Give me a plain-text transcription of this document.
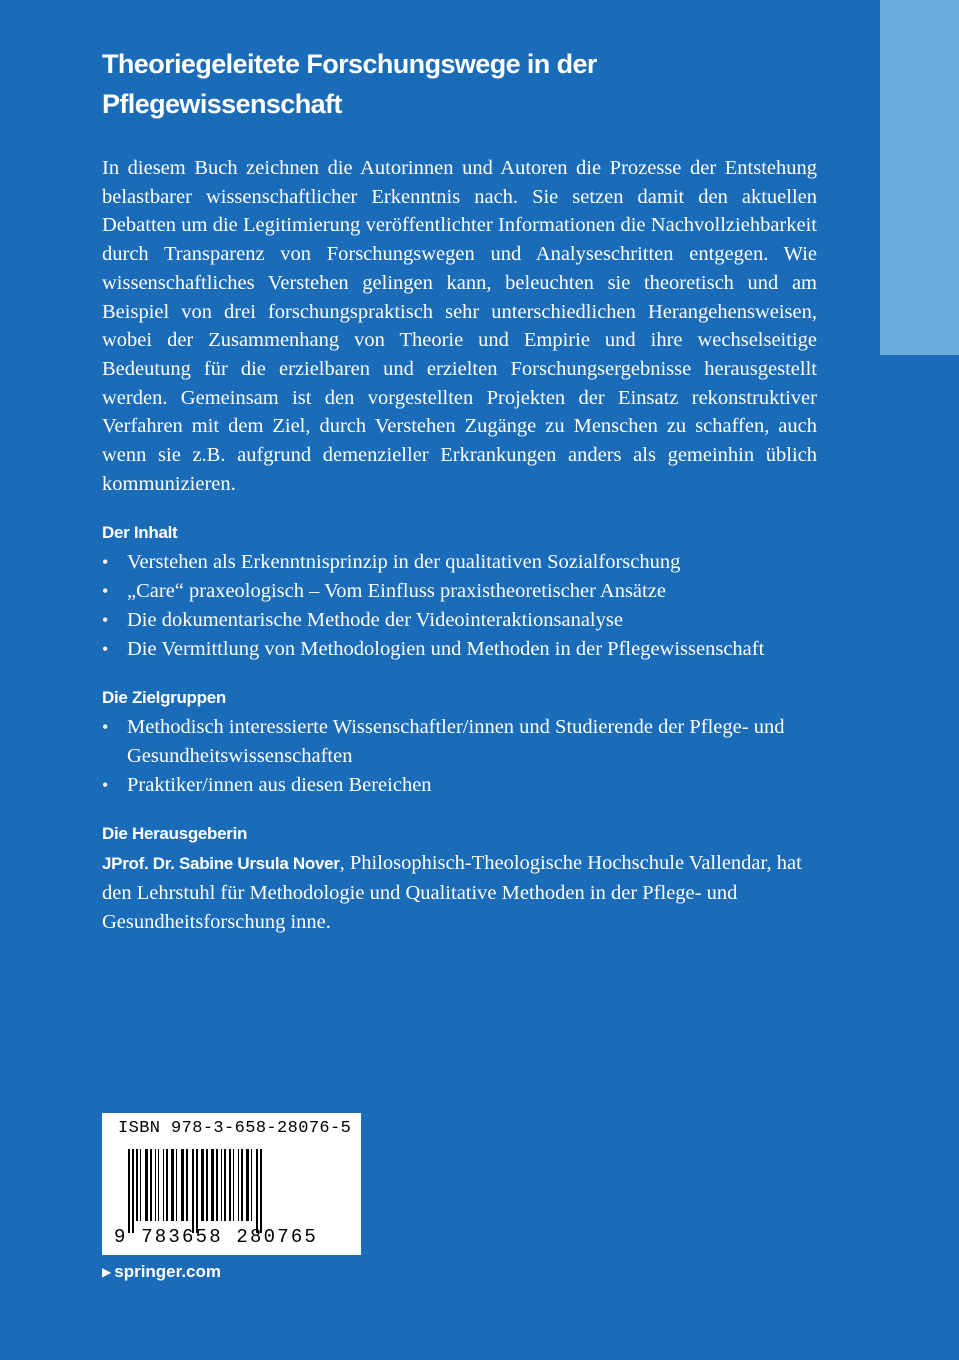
Theoriegeleitete Forschungswege in der Pflegewissenschaft

In diesem Buch zeichnen die Autorinnen und Autoren die Prozesse der Entstehung belastbarer wissenschaftlicher Erkenntnis nach. Sie setzen damit den aktuellen Debatten um die Legitimierung veröffentlichter Informationen die Nachvollziehbarkeit durch Transparenz von Forschungswegen und Analyseschritten entgegen. Wie wissenschaftliches Verstehen gelingen kann, beleuchten sie theoretisch und am Beispiel von drei forschungspraktisch sehr unterschiedlichen Herangehensweisen, wobei der Zusammenhang von Theorie und Empirie und ihre wechselseitige Bedeutung für die erzielbaren und erzielten Forschungsergebnisse herausgestellt werden. Gemeinsam ist den vorgestellten Projekten der Einsatz rekonstruktiver Verfahren mit dem Ziel, durch Verstehen Zugänge zu Menschen zu schaffen, auch wenn sie z.B. aufgrund demenzieller Erkrankungen anders als gemeinhin üblich kommunizieren.

Der Inhalt
• Verstehen als Erkenntnisprinzip in der qualitativen Sozialforschung
• „Care“ praxeologisch – Vom Einfluss praxistheoretischer Ansätze
• Die dokumentarische Methode der Videointeraktionsanalyse
• Die Vermittlung von Methodologien und Methoden in der Pflegewissenschaft
Die Zielgruppen
• Methodisch interessierte Wissenschaftler/innen und Studierende der Pflege- und Gesundheitswissenschaften
• Praktiker/innen aus diesen Bereichen
Die Herausgeberin

JProf. Dr. Sabine Ursula Nover, Philosophisch-Theologische Hochschule Vallendar, hat den Lehrstuhl für Methodologie und Qualitative Methoden in der Pflege- und Gesundheitsforschung inne.

ISBN 978-3-658-28076-5
9 783658 280765
▶ springer.com
